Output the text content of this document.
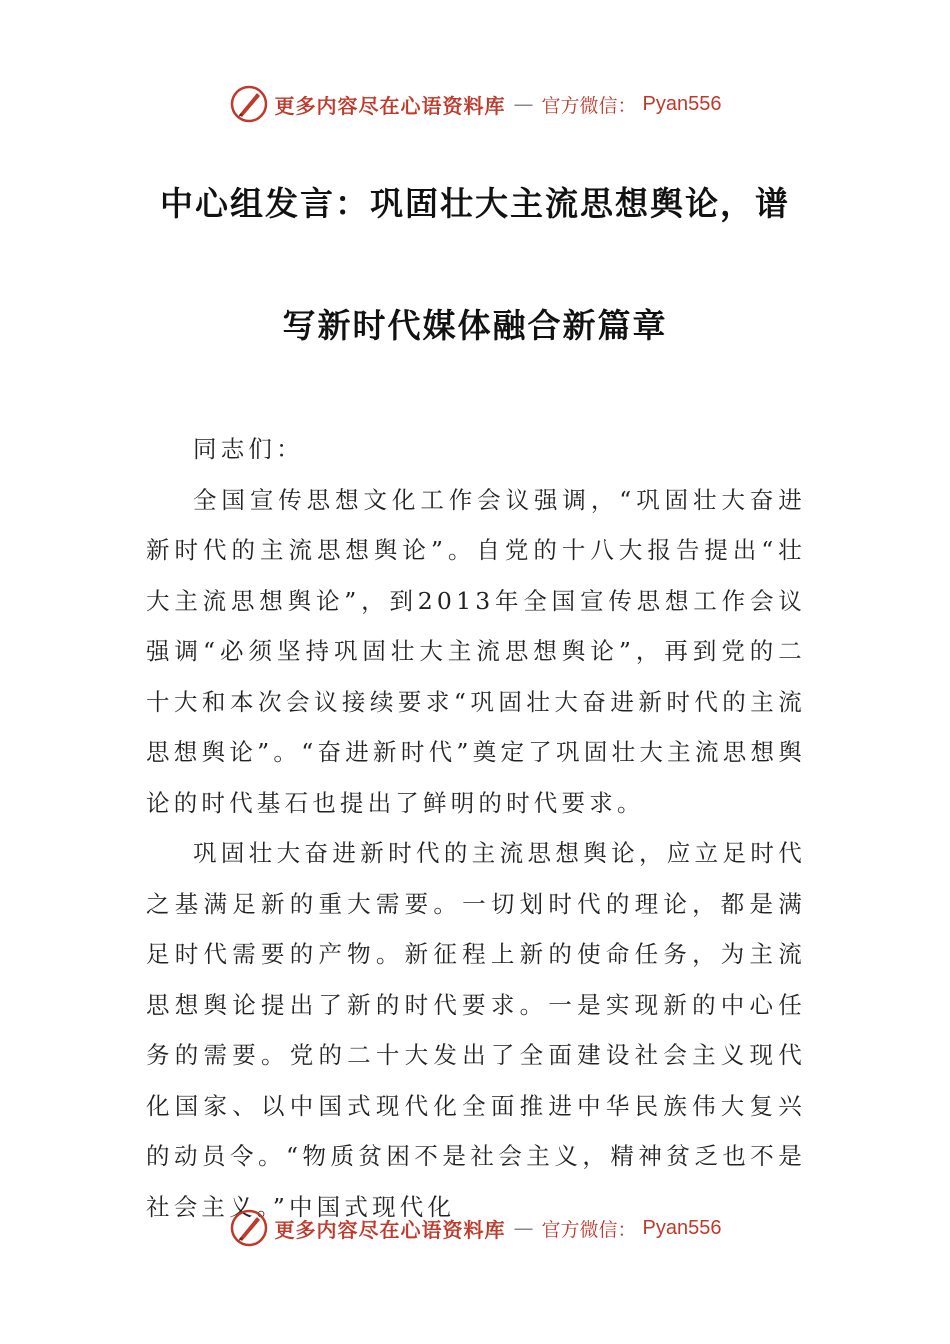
更多内容尽在心语资料库 — 官方微信： Pyan556
中心组发言：巩固壮大主流思想舆论，谱
写新时代媒体融合新篇章

同志们：

全国宣传思想文化工作会议强调，“巩固壮大奋进新时代的主流思想舆论”。自党的十八大报告提出“壮大主流思想舆论”，到2013年全国宣传思想工作会议强调“必须坚持巩固壮大主流思想舆论”，再到党的二十大和本次会议接续要求“巩固壮大奋进新时代的主流思想舆论”。“奋进新时代”奠定了巩固壮大主流思想舆论的时代基石也提出了鲜明的时代要求。

巩固壮大奋进新时代的主流思想舆论，应立足时代之基满足新的重大需要。一切划时代的理论，都是满足时代需要的产物。新征程上新的使命任务，为主流思想舆论提出了新的时代要求。一是实现新的中心任务的需要。党的二十大发出了全面建设社会主义现代化国家、以中国式现代化全面推进中华民族伟大复兴的动员令。“物质贫困不是社会主义，精神贫乏也不是社会主义。”中国式现代化

更多内容尽在心语资料库 — 官方微信： Pyan556
